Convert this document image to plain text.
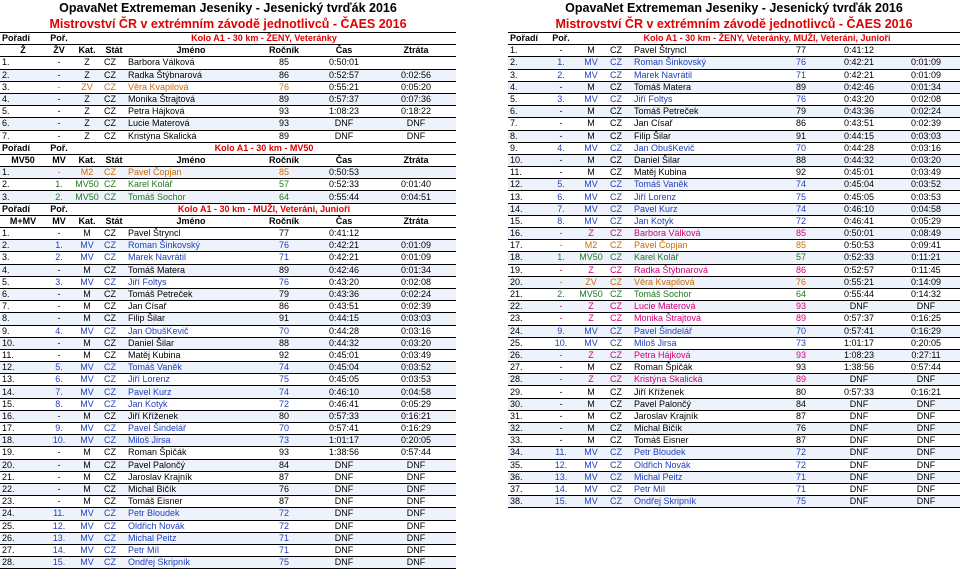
OpavaNet Extrememan Jeseniky - Jesenický tvrďák 2016
Mistrovství ČR v extrémním závodě jednotlivců - ČAES 2016
Pořadí	Poř.	Kolo A1 - 30 km - ŽENY, Veteránky					
Ž	ŽV	Kat.	Stát	Jméno	Ročník	Čas	Ztráta
1.	-	Z	CZ	Barbora Válková	85	0:50:01	
2.	-	Z	CZ	Radka Štýbnarová	86	0:52:57	0:02:56
3.	-	ZV	CZ	Věra Kvapilová	76	0:55:21	0:05:20
4.	-	Z	CZ	Monika Štrajtová	89	0:57:37	0:07:36
5.	-	Z	CZ	Petra Hájková	93	1:08:23	0:18:22
6.	-	Z	CZ	Lucie Materová	93	DNF	DNF
7.	-	Z	CZ	Kristýna Skalická	89	DNF	DNF
Pořadí	Poř.	Kolo A1 - 30 km - MV50					
MV50	MV	Kat.	Stát	Jméno	Ročník	Čas	Ztráta
1.	-	M2	CZ	Pavel Čopjan	85	0:50:53	
2.	1.	MV50	CZ	Karel Kolář	57	0:52:33	0:01:40
3.	2.	MV50	CZ	Tomáš Sochor	64	0:55:44	0:04:51
Pořadí	Poř.	Kolo A1 - 30 km - MUŽI, Veteráni, Junioři					
M+MV	MV	Kat.	Stát	Jméno	Ročník	Čas	Ztráta
1.	-	M	CZ	Pavel Štryncl	77	0:41:12	
2.	1.	MV	CZ	Roman Šinkovský	76	0:42:21	0:01:09
3.	2.	MV	CZ	Marek Navrátil	71	0:42:21	0:01:09
4.	-	M	CZ	Tomáš Matera	89	0:42:46	0:01:34
5.	3.	MV	CZ	Jiří Foltys	76	0:43:20	0:02:08
6.	-	M	CZ	Tomáš Petreček	79	0:43:36	0:02:24
7.	-	M	CZ	Jan Císař	86	0:43:51	0:02:39
8.	-	M	CZ	Filip Šilar	91	0:44:15	0:03:03
9.	4.	MV	CZ	Jan ObušKevič	70	0:44:28	0:03:16
10.	-	M	CZ	Daniel Šilar	88	0:44:32	0:03:20
11.	-	M	CZ	Matěj Kubina	92	0:45:01	0:03:49
12.	5.	MV	CZ	Tomáš Vaněk	74	0:45:04	0:03:52
13.	6.	MV	CZ	Jiří Lorenz	75	0:45:05	0:03:53
14.	7.	MV	CZ	Pavel Kurz	74	0:46:10	0:04:58
15.	8.	MV	CZ	Jan Kotyk	72	0:46:41	0:05:29
16.	-	M	CZ	Jiří Kříženek	80	0:57:33	0:16:21
17.	9.	MV	CZ	Pavel Šindelář	70	0:57:41	0:16:29
18.	10.	MV	CZ	Miloš Jirsa	73	1:01:17	0:20:05
19.	-	M	CZ	Roman Špičák	93	1:38:56	0:57:44
20.	-	M	CZ	Pavel Palončý	84	DNF	DNF
21.	-	M	CZ	Jaroslav Krajník	87	DNF	DNF
22.	-	M	CZ	Michal Bičík	76	DNF	DNF
23.	-	M	CZ	Tomáš Eisner	87	DNF	DNF
24.	11.	MV	CZ	Petr Bloudek	72	DNF	DNF
25.	12.	MV	CZ	Oldřich Novák	72	DNF	DNF
26.	13.	MV	CZ	Michal Peitz	71	DNF	DNF
27.	14.	MV	CZ	Petr Míl	71	DNF	DNF
28.	15.	MV	CZ	Ondřej Skripník	75	DNF	DNF
OpavaNet Extrememan Jeseniky - Jesenický tvrďák 2016
Mistrovství ČR v extrémním závodě jednotlivců - ČAES 2016
Pořadí	Poř.	Kolo A1 - 30 km - ŽENY, Veteránky, MUŽI, Veteráni, Junioři					
1.	-	M	CZ	Pavel Štryncl	77	0:41:12	
2.	1.	MV	CZ	Roman Šinkovský	76	0:42:21	0:01:09
3.	2.	MV	CZ	Marek Navrátil	71	0:42:21	0:01:09
4.	-	M	CZ	Tomáš Matera	89	0:42:46	0:01:34
5.	3.	MV	CZ	Jiří Foltys	76	0:43:20	0:02:08
6.	-	M	CZ	Tomáš Petreček	79	0:43:36	0:02:24
7.	-	M	CZ	Jan Císař	86	0:43:51	0:02:39
8.	-	M	CZ	Filip Šilar	91	0:44:15	0:03:03
9.	4.	MV	CZ	Jan ObušKevič	70	0:44:28	0:03:16
10.	-	M	CZ	Daniel Šilar	88	0:44:32	0:03:20
11.	-	M	CZ	Matěj Kubina	92	0:45:01	0:03:49
12.	5.	MV	CZ	Tomáš Vaněk	74	0:45:04	0:03:52
13.	6.	MV	CZ	Jiří Lorenz	75	0:45:05	0:03:53
14.	7.	MV	CZ	Pavel Kurz	74	0:46:10	0:04:58
15.	8.	MV	CZ	Jan Kotyk	72	0:46:41	0:05:29
16.	-	Z	CZ	Barbora Válková	85	0:50:01	0:08:49
17.	-	M2	CZ	Pavel Čopjan	85	0:50:53	0:09:41
18.	1.	MV50	CZ	Karel Kolář	57	0:52:33	0:11:21
19.	-	Z	CZ	Radka Štýbnarová	86	0:52:57	0:11:45
20.	-	ZV	CZ	Věra Kvapilová	76	0:55:21	0:14:09
21.	2.	MV50	CZ	Tomáš Sochor	64	0:55:44	0:14:32
22.	-	Z	CZ	Lucie Materová	93	DNF	DNF
23.	-	Z	CZ	Monika Štrajtová	89	0:57:37	0:16:25
24.	9.	MV	CZ	Pavel Šindelář	70	0:57:41	0:16:29
25.	10.	MV	CZ	Miloš Jirsa	73	1:01:17	0:20:05
26.	-	Z	CZ	Petra Hájková	93	1:08:23	0:27:11
27.	-	M	CZ	Roman Špičák	93	1:38:56	0:57:44
28.	-	Z	CZ	Kristýna Skalická	89	DNF	DNF
29.	-	M	CZ	Jiří Kříženek	80	0:57:33	0:16:21
30.	-	M	CZ	Pavel Palončý	84	DNF	DNF
31.	-	M	CZ	Jaroslav Krajník	87	DNF	DNF
32.	-	M	CZ	Michal Bičík	76	DNF	DNF
33.	-	M	CZ	Tomáš Eisner	87	DNF	DNF
34.	11.	MV	CZ	Petr Bloudek	72	DNF	DNF
35.	12.	MV	CZ	Oldřich Novák	72	DNF	DNF
36.	13.	MV	CZ	Michal Peitz	71	DNF	DNF
37.	14.	MV	CZ	Petr Míl	71	DNF	DNF
38.	15.	MV	CZ	Ondřej Skripník	75	DNF	DNF
